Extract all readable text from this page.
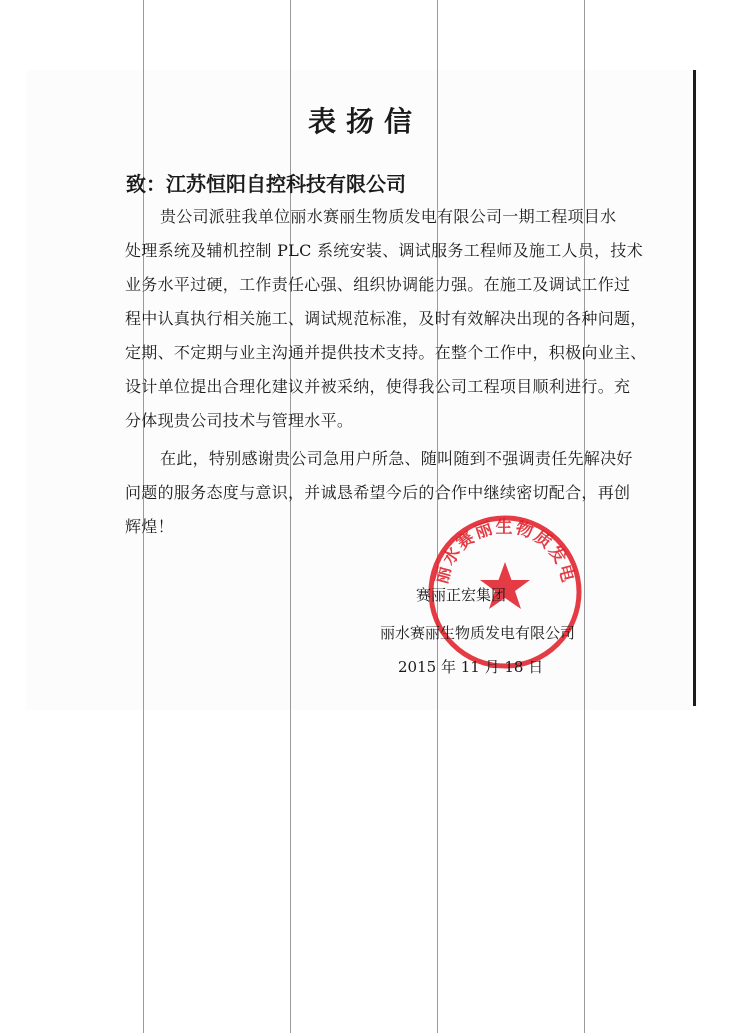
表扬信
致：江苏恒阳自控科技有限公司
贵公司派驻我单位丽水赛丽生物质发电有限公司一期工程项目水
处理系统及辅机控制 PLC 系统安装、调试服务工程师及施工人员，技术
业务水平过硬，工作责任心强、组织协调能力强。在施工及调试工作过
程中认真执行相关施工、调试规范标准，及时有效解决出现的各种问题，
定期、不定期与业主沟通并提供技术支持。在整个工作中，积极向业主、
设计单位提出合理化建议并被采纳，使得我公司工程项目顺利进行。充
分体现贵公司技术与管理水平。
在此，特别感谢贵公司急用户所急、随叫随到不强调责任先解决好
问题的服务态度与意识，并诚恳希望今后的合作中继续密切配合，再创
辉煌！
丽水赛丽生物质发电
赛丽正宏集团
丽水赛丽生物质发电有限公司
2015 年 11 月 18 日
